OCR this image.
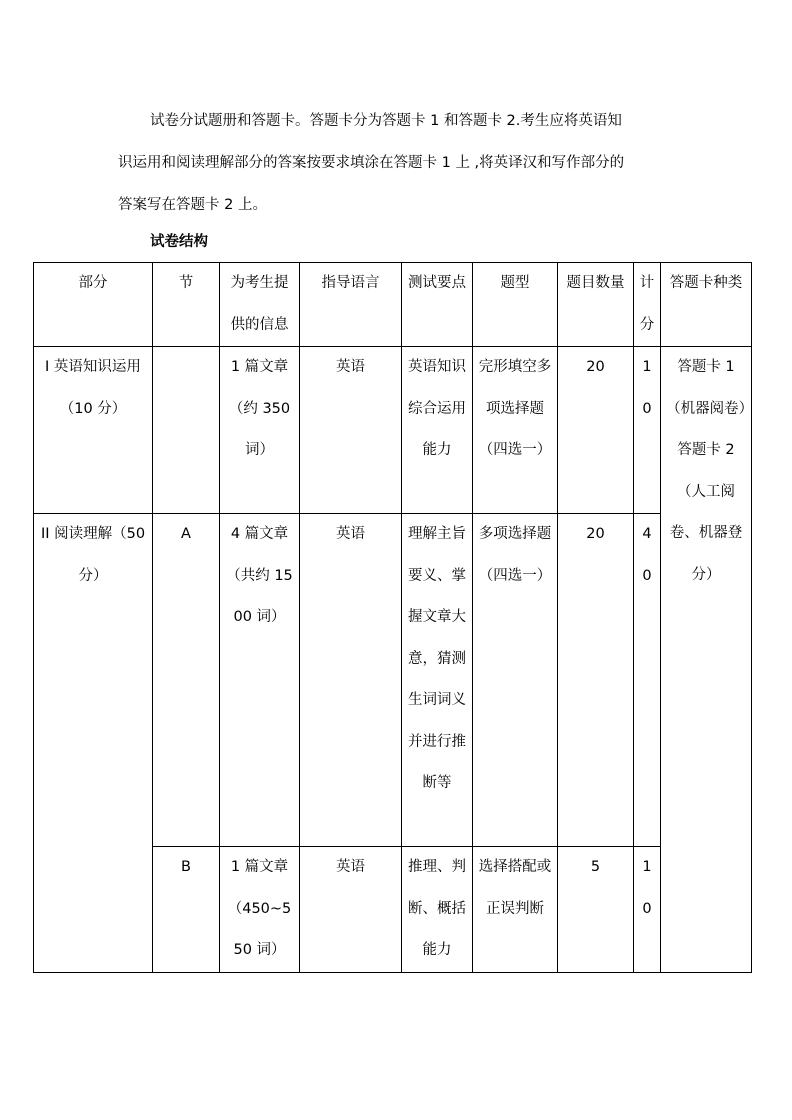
试卷分试题册和答题卡。答题卡分为答题卡 1 和答题卡 2.考生应将英语知
识运用和阅读理解部分的答案按要求填涂在答题卡 1 上 ,将英译汉和写作部分的
答案写在答题卡 2 上。
试卷结构
部分	节	为考生提供的信息	指导语言	测试要点	题型	题目数量	计分	答题卡种类
I 英语知识运用（10 分）		1 篇文章（约 350 词）	英语	英语知识综合运用能力	完形填空多项选择题（四选一）	20	10	答题卡 1（机器阅卷）答题卡 2（人工阅卷、机器登分）
II 阅读理解（50 分）	A	4 篇文章（共约 1500 词）	英语	理解主旨要义、掌握文章大意，猜测生词词义并进行推断等	多项选择题（四选一）	20	40	
	B	1 篇文章（450~550 词）	英语	推理、判断、概括能力	选择搭配或正误判断	5	10	
